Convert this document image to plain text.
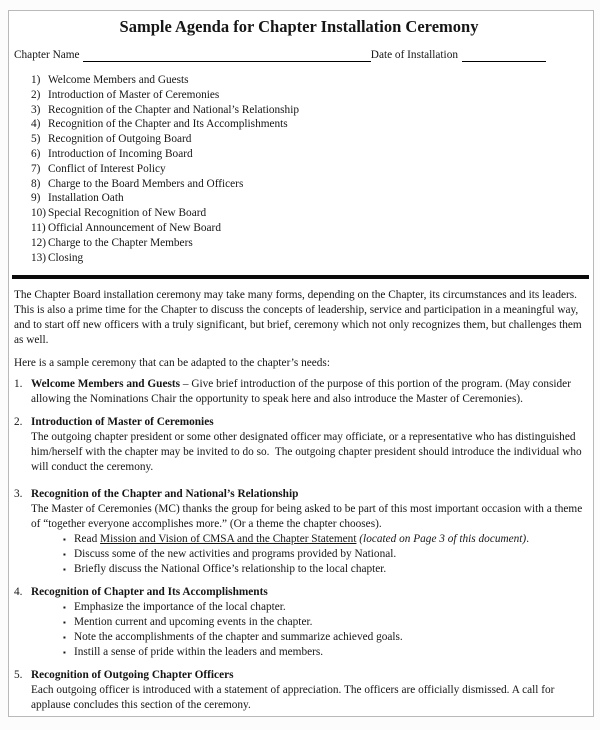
Sample Agenda for Chapter Installation Ceremony
Chapter Name	Date of Installation
1) Welcome Members and Guests
2) Introduction of Master of Ceremonies
3) Recognition of the Chapter and National’s Relationship
4) Recognition of the Chapter and Its Accomplishments
5) Recognition of Outgoing Board
6) Introduction of Incoming Board
7) Conflict of Interest Policy
8) Charge to the Board Members and Officers
9) Installation Oath
10) Special Recognition of New Board
11) Official Announcement of New Board
12) Charge to the Chapter Members
13) Closing
The Chapter Board installation ceremony may take many forms, depending on the Chapter, its circumstances and its leaders.   This is also a prime time for the Chapter to discuss the concepts of leadership, service and participation in a meaningful way, and to start off new officers with a truly significant, but brief, ceremony which not only recognizes them, but challenges them as well.
Here is a sample ceremony that can be adapted to the chapter’s needs:
1. Welcome Members and Guests – Give brief introduction of the purpose of this portion of the program. (May consider allowing the Nominations Chair the opportunity to speak here and also introduce the Master of Ceremonies).
2. Introduction of Master of Ceremonies
The outgoing chapter president or some other designated officer may officiate, or a representative who has distinguished him/herself with the chapter may be invited to do so.  The outgoing chapter president should introduce the individual who will conduct the ceremony.
3. Recognition of the Chapter and National’s Relationship
The Master of Ceremonies (MC) thanks the group for being asked to be part of this most important occasion with a theme of “together everyone accomplishes more.” (Or a theme the chapter chooses).
▪ Read Mission and Vision of CMSA and the Chapter Statement (located on Page 3 of this document).
▪ Discuss some of the new activities and programs provided by National.
▪ Briefly discuss the National Office’s relationship to the local chapter.
4. Recognition of Chapter and Its Accomplishments
▪ Emphasize the importance of the local chapter.
▪ Mention current and upcoming events in the chapter.
▪ Note the accomplishments of the chapter and summarize achieved goals.
▪ Instill a sense of pride within the leaders and members.
5. Recognition of Outgoing Chapter Officers
Each outgoing officer is introduced with a statement of appreciation. The officers are officially dismissed. A call for applause concludes this section of the ceremony.
